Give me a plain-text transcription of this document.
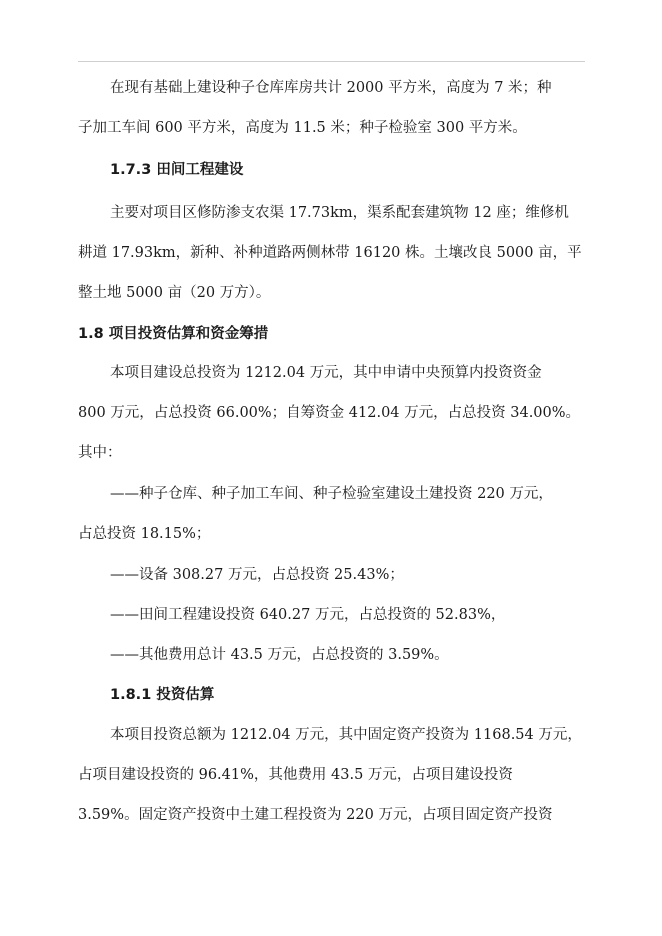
在现有基础上建设种子仓库库房共计 2000 平方米，高度为 7 米；种
子加工车间 600 平方米，高度为 11.5 米；种子检验室 300 平方米。
1.7.3 田间工程建设
主要对项目区修防渗支农渠 17.73km，渠系配套建筑物 12 座；维修机
耕道 17.93km，新种、补种道路两侧林带 16120 株。土壤改良 5000 亩，平
整土地 5000 亩（20 万方）。
1.8 项目投资估算和资金筹措
本项目建设总投资为 1212.04 万元，其中申请中央预算内投资资金
800 万元，占总投资 66.00%；自筹资金 412.04 万元，占总投资 34.00%。
其中：
——种子仓库、种子加工车间、种子检验室建设土建投资 220 万元，
占总投资 18.15%；
——设备 308.27 万元，占总投资 25.43%；
——田间工程建设投资 640.27 万元，占总投资的 52.83%，
——其他费用总计 43.5 万元，占总投资的 3.59%。
1.8.1 投资估算
本项目投资总额为 1212.04 万元，其中固定资产投资为 1168.54 万元，
占项目建设投资的 96.41%，其他费用 43.5 万元，占项目建设投资
3.59%。固定资产投资中土建工程投资为 220 万元，占项目固定资产投资
